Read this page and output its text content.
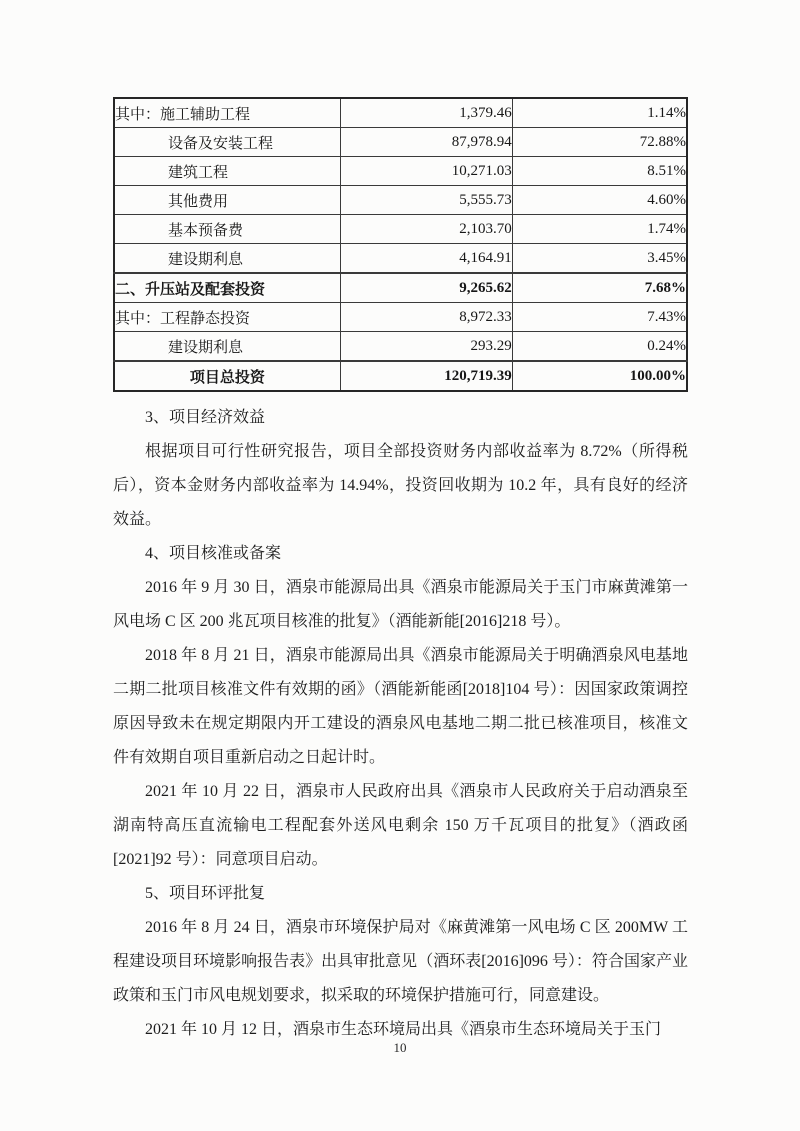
其中：施工辅助工程	1,379.46	1.14%
设备及安装工程	87,978.94	72.88%
建筑工程	10,271.03	8.51%
其他费用	5,555.73	4.60%
基本预备费	2,103.70	1.74%
建设期利息	4,164.91	3.45%
二、升压站及配套投资	9,265.62	7.68%
其中：工程静态投资	8,972.33	7.43%
建设期利息	293.29	0.24%
项目总投资	120,719.39	100.00%

3、项目经济效益

根据项目可行性研究报告，项目全部投资财务内部收益率为 8.72%（所得税后），资本金财务内部收益率为 14.94%，投资回收期为 10.2 年，具有良好的经济效益。

4、项目核准或备案

2016 年 9 月 30 日，酒泉市能源局出具《酒泉市能源局关于玉门市麻黄滩第一风电场 C 区 200 兆瓦项目核准的批复》（酒能新能[2016]218 号）。

2018 年 8 月 21 日，酒泉市能源局出具《酒泉市能源局关于明确酒泉风电基地二期二批项目核准文件有效期的函》（酒能新能函[2018]104 号）：因国家政策调控原因导致未在规定期限内开工建设的酒泉风电基地二期二批已核准项目，核准文件有效期自项目重新启动之日起计时。

2021 年 10 月 22 日，酒泉市人民政府出具《酒泉市人民政府关于启动酒泉至湖南特高压直流输电工程配套外送风电剩余 150 万千瓦项目的批复》（酒政函[2021]92 号）：同意项目启动。

5、项目环评批复

2016 年 8 月 24 日，酒泉市环境保护局对《麻黄滩第一风电场 C 区 200MW 工程建设项目环境影响报告表》出具审批意见（酒环表[2016]096 号）：符合国家产业政策和玉门市风电规划要求，拟采取的环境保护措施可行，同意建设。

2021 年 10 月 12 日，酒泉市生态环境局出具《酒泉市生态环境局关于玉门

10
